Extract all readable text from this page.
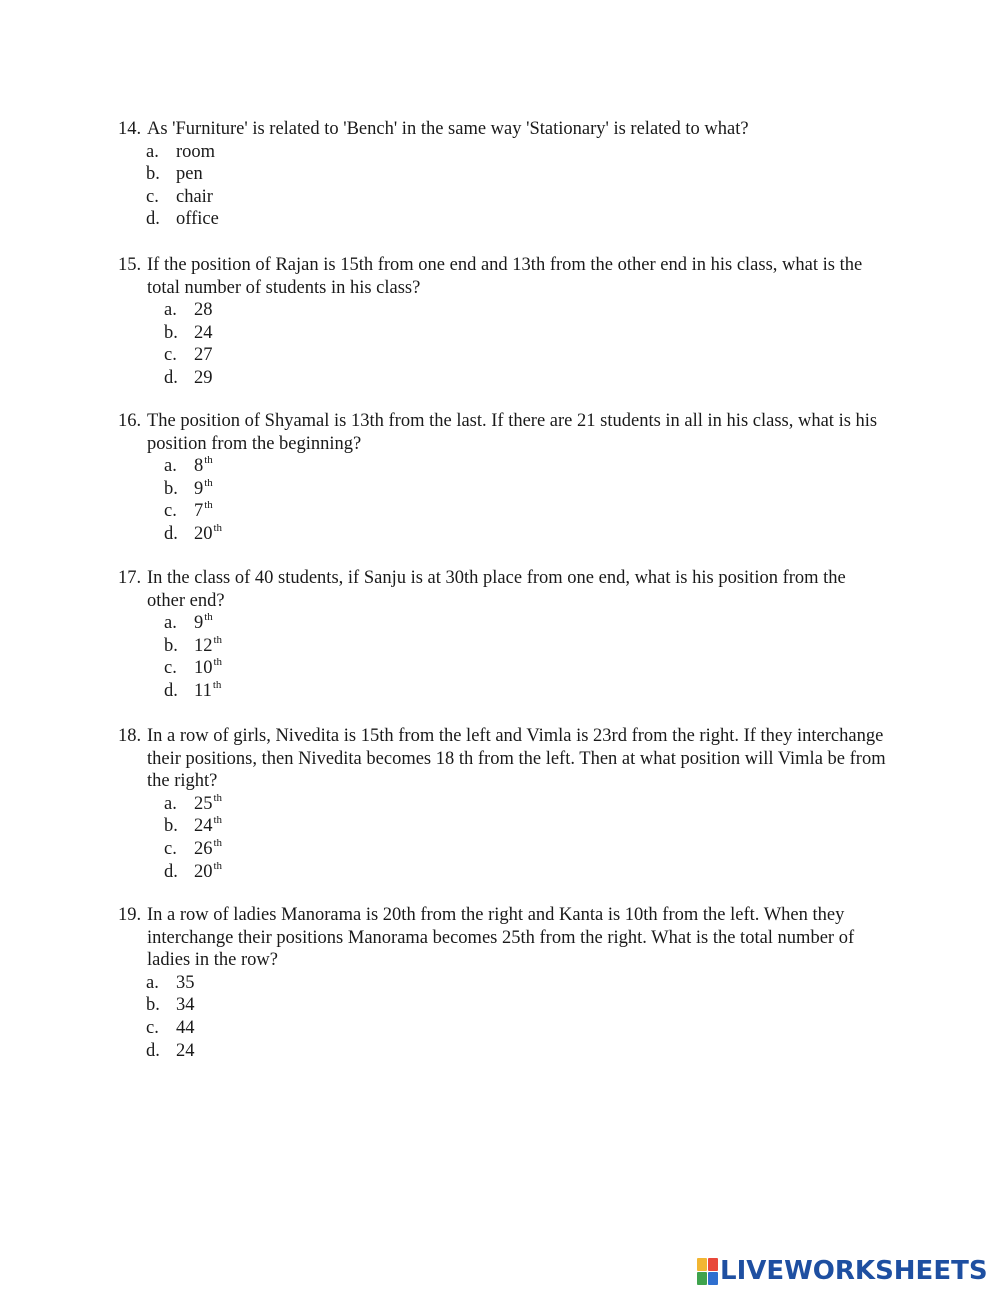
14. As 'Furniture' is related to 'Bench' in the same way 'Stationary' is related to what?
a. room
b. pen
c. chair
d. office
15. If the position of Rajan is 15th from one end and 13th from the other end in his class, what is the total number of students in his class?
a. 28
b. 24
c. 27
d. 29
16. The position of Shyamal is 13th from the last. If there are 21 students in all in his class, what is his position from the beginning?
a. 8th
b. 9th
c. 7th
d. 20th
17. In the class of 40 students, if Sanju is at 30th place from one end, what is his position from the other end?
a. 9th
b. 12th
c. 10th
d. 11th
18. In a row of girls, Nivedita is 15th from the left and Vimla is 23rd from the right. If they interchange their positions, then Nivedita becomes 18 th from the left. Then at what position will Vimla be from the right?
a. 25th
b. 24th
c. 26th
d. 20th
19. In a row of ladies Manorama is 20th from the right and Kanta is 10th from the left. When they interchange their positions Manorama becomes 25th from the right. What is the total number of ladies in the row?
a. 35
b. 34
c. 44
d. 24
LIVEWORKSHEETS
